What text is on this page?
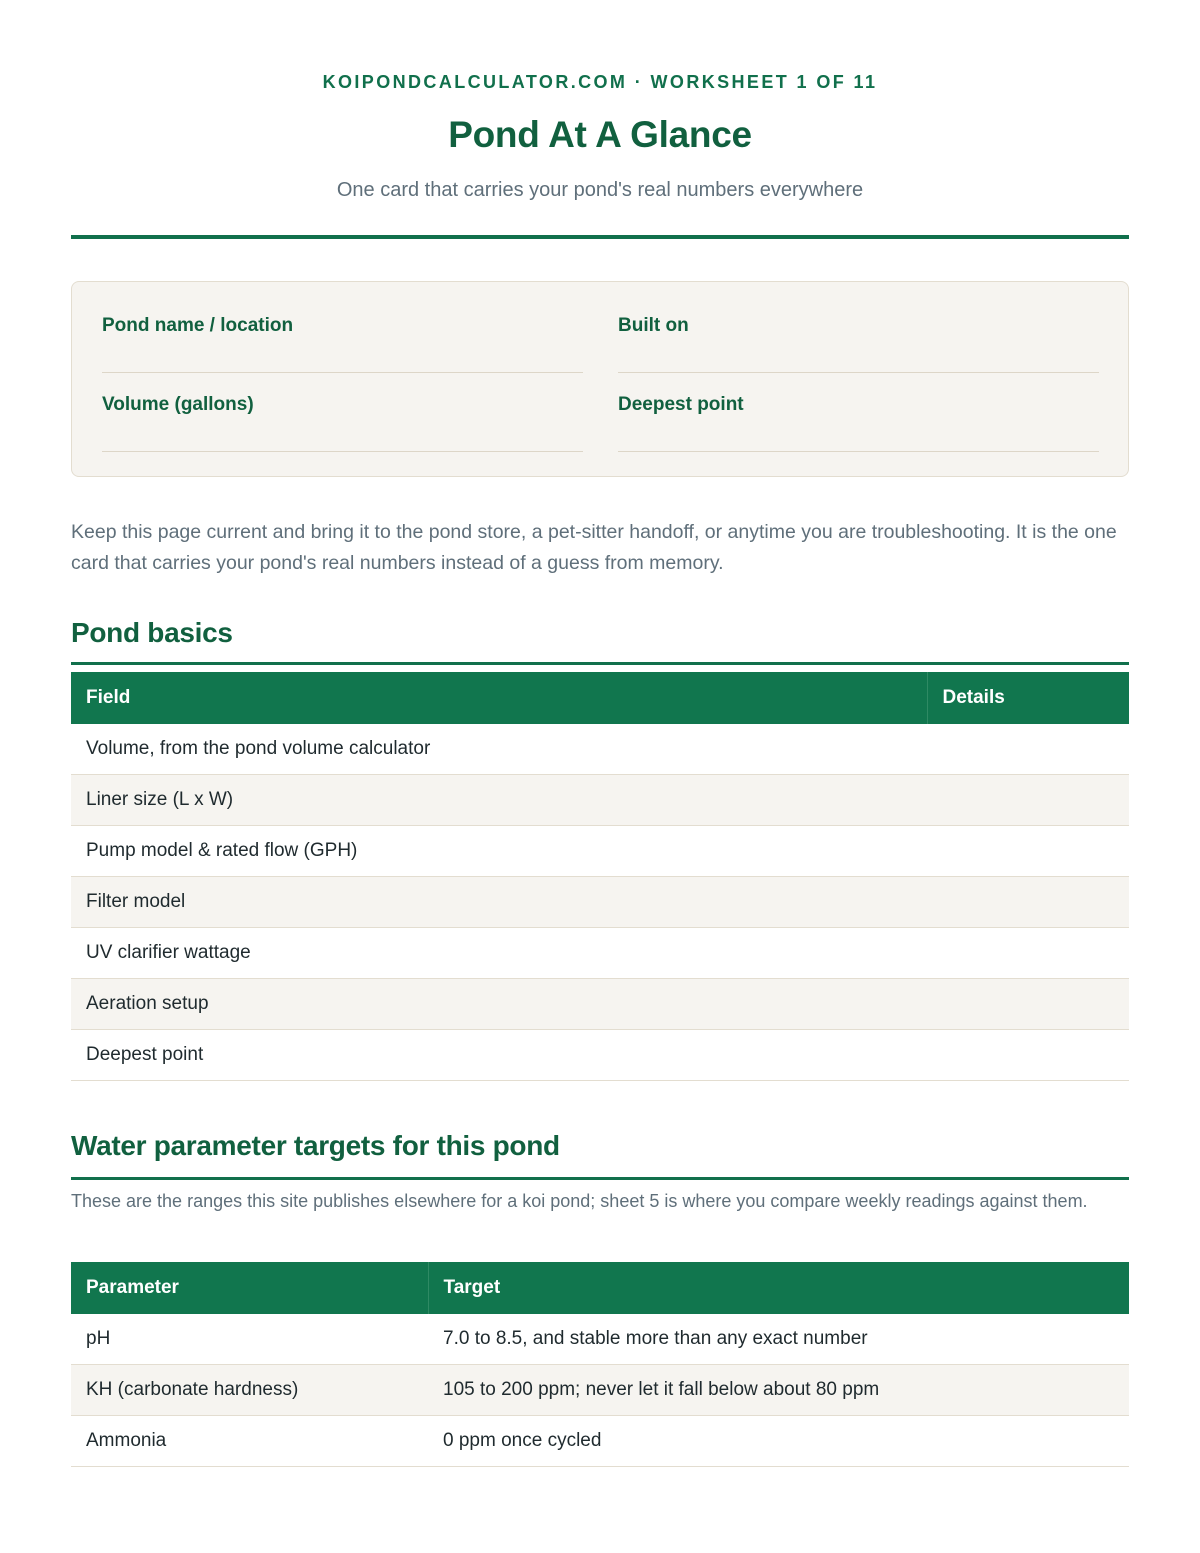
KOIPONDCALCULATOR.COM · WORKSHEET 1 OF 11
Pond At A Glance
One card that carries your pond's real numbers everywhere
Pond name / location	Built on
Volume (gallons)	Deepest point
Keep this page current and bring it to the pond store, a pet-sitter handoff, or anytime you are troubleshooting. It is the one card that carries your pond's real numbers instead of a guess from memory.
Pond basics
Field	Details
Volume, from the pond volume calculator	
Liner size (L x W)	
Pump model & rated flow (GPH)	
Filter model	
UV clarifier wattage	
Aeration setup	
Deepest point	
Water parameter targets for this pond
These are the ranges this site publishes elsewhere for a koi pond; sheet 5 is where you compare weekly readings against them.
Parameter	Target
pH	7.0 to 8.5, and stable more than any exact number
KH (carbonate hardness)	105 to 200 ppm; never let it fall below about 80 ppm
Ammonia	0 ppm once cycled
